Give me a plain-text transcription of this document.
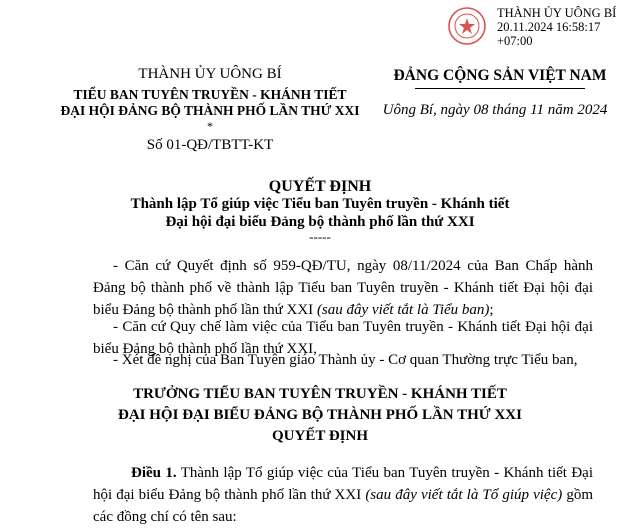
THÀNH ỦY UÔNG BÍ
20.11.2024 16:58:17
+07:00
THÀNH ỦY UÔNG BÍ
TIỂU BAN TUYÊN TRUYỀN - KHÁNH TIẾT
ĐẠI HỘI ĐẢNG BỘ THÀNH PHỐ LẦN THỨ XXI
*
Số 01-QĐ/TBTT-KT
ĐẢNG CỘNG SẢN VIỆT NAM
Uông Bí, ngày 08 tháng 11 năm 2024
QUYẾT ĐỊNH
Thành lập Tổ giúp việc Tiểu ban Tuyên truyền - Khánh tiết
Đại hội đại biểu Đảng bộ thành phố lần thứ XXI
-----
- Căn cứ Quyết định số 959-QĐ/TU, ngày 08/11/2024 của Ban Chấp hành Đảng bộ thành phố về thành lập Tiểu ban Tuyên truyền - Khánh tiết Đại hội đại biểu Đảng bộ thành phố lần thứ XXI (sau đây viết tắt là Tiểu ban);
- Căn cứ Quy chế làm việc của Tiểu ban Tuyên truyền - Khánh tiết Đại hội đại biểu Đảng bộ thành phố lần thứ XXI,
- Xét đề nghị của Ban Tuyên giáo Thành ủy - Cơ quan Thường trực Tiểu ban,
TRƯỞNG TIỂU BAN TUYÊN TRUYỀN - KHÁNH TIẾT
ĐẠI HỘI ĐẠI BIỂU ĐẢNG BỘ THÀNH PHỐ LẦN THỨ XXI
QUYẾT ĐỊNH
Điều 1. Thành lập Tổ giúp việc của Tiểu ban Tuyên truyền - Khánh tiết Đại hội đại biểu Đảng bộ thành phố lần thứ XXI (sau đây viết tắt là Tổ giúp việc) gồm các đồng chí có tên sau:
